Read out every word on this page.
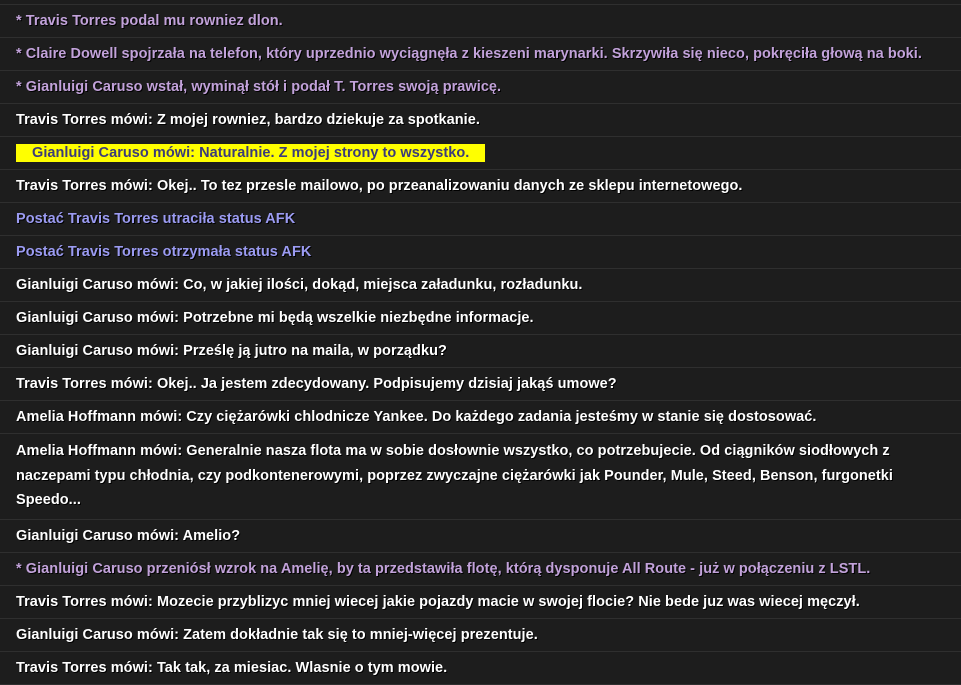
* Travis Torres podal mu rowniez dlon.
* Claire Dowell spojrzała na telefon, który uprzednio wyciągnęła z kieszeni marynarki. Skrzywiła się nieco, pokręciła głową na boki.
* Gianluigi Caruso wstał, wyminął stół i podał T. Torres swoją prawicę.
Travis Torres mówi: Z mojej rowniez, bardzo dziekuje za spotkanie.
Gianluigi Caruso mówi: Naturalnie. Z mojej strony to wszystko.
Travis Torres mówi: Okej.. To tez przesle mailowo, po przeanalizowaniu danych ze sklepu internetowego.
Postać Travis Torres utraciła status AFK
Postać Travis Torres otrzymała status AFK
Gianluigi Caruso mówi: Co, w jakiej ilości, dokąd, miejsca załadunku, rozładunku.
Gianluigi Caruso mówi: Potrzebne mi będą wszelkie niezbędne informacje.
Gianluigi Caruso mówi: Prześlę ją jutro na maila, w porządku?
Travis Torres mówi: Okej.. Ja jestem zdecydowany. Podpisujemy dzisiaj jakąś umowe?
Amelia Hoffmann mówi: Czy ciężarówki chlodnicze Yankee. Do każdego zadania jesteśmy w stanie się dostosować.
Amelia Hoffmann mówi: Generalnie nasza flota ma w sobie dosłownie wszystko, co potrzebujecie. Od ciągników siodłowych z naczepami typu chłodnia, czy podkontenerowymi, poprzez zwyczajne ciężarówki jak Pounder, Mule, Steed, Benson, furgonetki Speedo...
Gianluigi Caruso mówi: Amelio?
* Gianluigi Caruso przeniósł wzrok na Amelię, by ta przedstawiła flotę, którą dysponuje All Route - już w połączeniu z LSTL.
Travis Torres mówi: Mozecie przyblizyc mniej wiecej jakie pojazdy macie w swojej flocie? Nie bede juz was wiecej męczył.
Gianluigi Caruso mówi: Zatem dokładnie tak się to mniej-więcej prezentuje.
Travis Torres mówi: Tak tak, za miesiac. Wlasnie o tym mowie.
